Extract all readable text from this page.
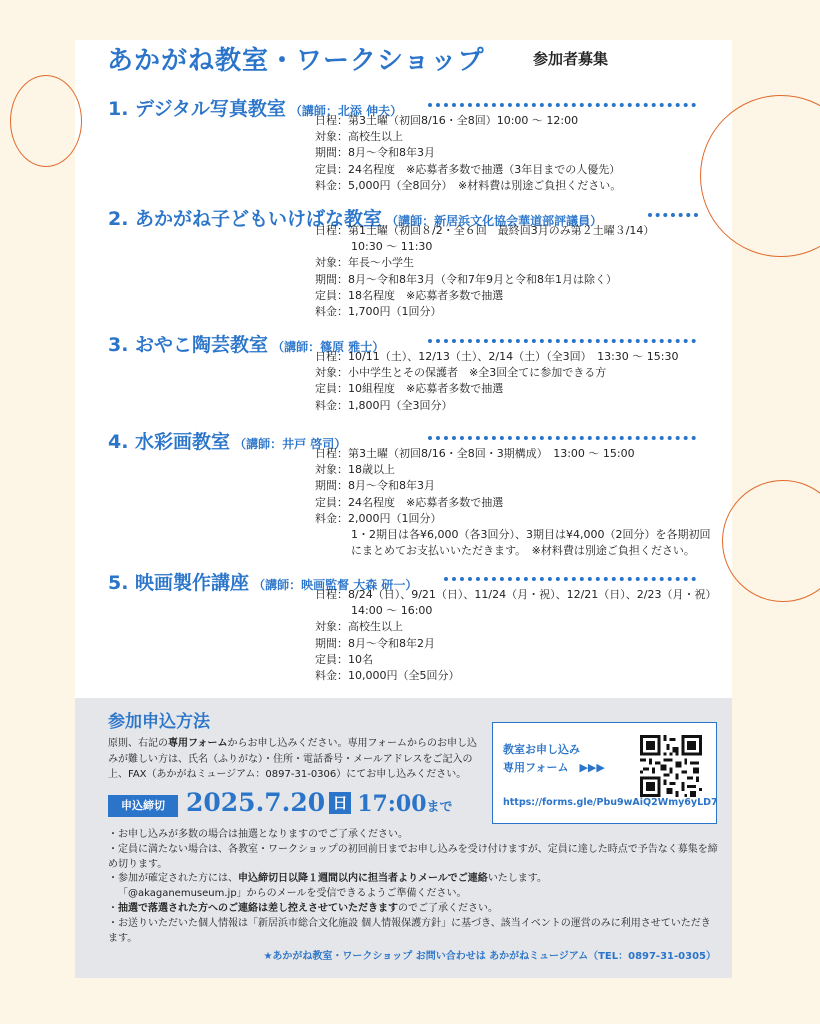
あかがね教室・ワークショップ	参加者募集
1. デジタル写真教室 （講師：北添 伸夫）
日程：第3土曜（初回8/16・全8回）10:00 ～ 12:00
対象：高校生以上
期間：8月～令和8年3月
定員：24名程度　※応募者多数で抽選（3年目までの人優先）
料金：5,000円（全8回分）　※材料費は別途ご負担ください。
2. あかがね子どもいけばな教室 （講師：新居浜文化協会華道部評議員）
日程：第1土曜（初回８/2・全６回　最終回3月のみ第２土曜３/14）
10:30 ～ 11:30
対象：年長～小学生
期間：8月～令和8年3月（令和7年9月と令和8年1月は除く）
定員：18名程度　※応募者多数で抽選
料金：1,700円（1回分）
3. おやこ陶芸教室 （講師：篠原 雅士）
日程：10/11（土）、12/13（土）、2/14（土）（全3回）　13:30 ～ 15:30
対象：小中学生とその保護者　※全3回全てに参加できる方
定員：10組程度　※応募者多数で抽選
料金：1,800円（全3回分）
4. 水彩画教室 （講師：井戸 啓司）
日程：第3土曜（初回8/16・全8回・3期構成）　13:00 ～ 15:00
対象：18歳以上
期間：8月～令和8年3月
定員：24名程度　※応募者多数で抽選
料金：2,000円（1回分）
1・2期目は各¥6,000（各3回分）、3期目は¥4,000（2回分）を各期初回
にまとめてお支払いいただきます。　※材料費は別途ご負担ください。
5. 映画製作講座 （講師：映画監督 大森 研一）
日程：8/24（日）、9/21（日）、11/24（月・祝）、12/21（日）、2/23（月・祝）
14:00 ～ 16:00
対象：高校生以上
期間：8月～令和8年2月
定員：10名
料金：10,000円（全5回分）
参加申込方法
原則、右記の専用フォームからお申し込みください。専用フォームからのお申し込みが難しい方は、氏名（ふりがな）・住所・電話番号・メールアドレスをご記入の上、FAX（あかがねミュージアム：0897-31-0306）にてお申し込みください。
教室お申し込み
専用フォーム　▶▶▶
https://forms.gle/Pbu9wAiQ2Wmy6yLD7
申込締切 2025.7.20 日 17:00まで

・お申し込みが多数の場合は抽選となりますのでご了承ください。

・定員に満たない場合は、各教室・ワークショップの初回前日までお申し込みを受け付けますが、定員に達した時点で予告なく募集を締め切ります。

・参加が確定された方には、申込締切日以降１週間以内に担当者よりメールでご連絡いたします。

「@akaganemuseum.jp」からのメールを受信できるようご準備ください。

・抽選で落選された方へのご連絡は差し控えさせていただきますのでご了承ください。

・お送りいただいた個人情報は「新居浜市総合文化施設 個人情報保護方針」に基づき、該当イベントの運営のみに利用させていただきます。

★あかがね教室・ワークショップ お問い合わせは あかがねミュージアム（TEL：0897-31-0305）
